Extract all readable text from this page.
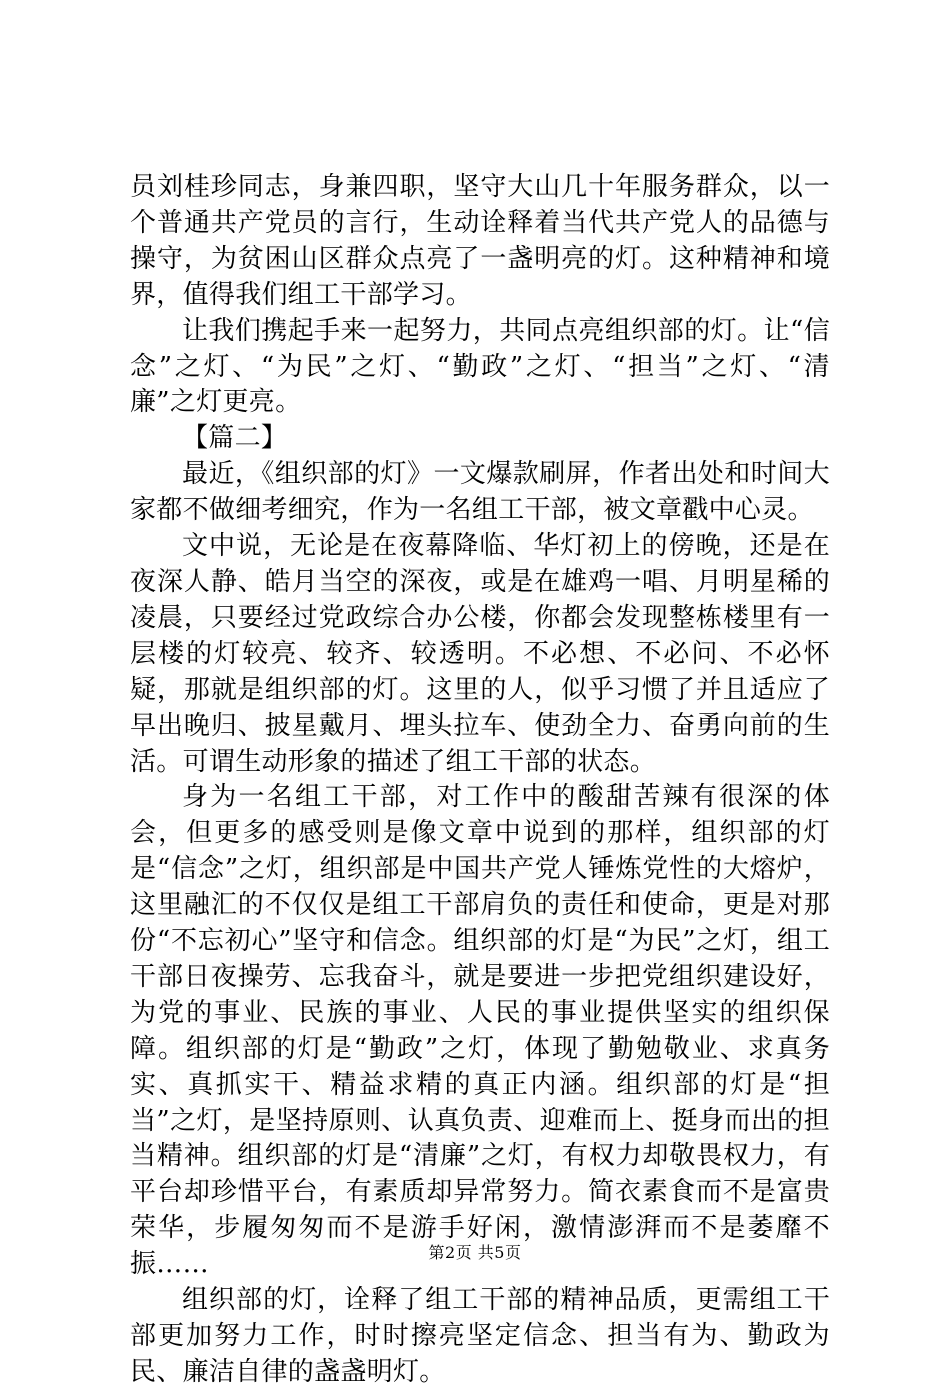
员刘桂珍同志，身兼四职，坚守大山几十年服务群众，以一个普通共产党员的言行，生动诠释着当代共产党人的品德与操守，为贫困山区群众点亮了一盏明亮的灯。这种精神和境界，值得我们组工干部学习。

让我们携起手来一起努力，共同点亮组织部的灯。让“信念”之灯、“为民”之灯、“勤政”之灯、“担当”之灯、“清廉”之灯更亮。

【篇二】

最近，《组织部的灯》一文爆款刷屏，作者出处和时间大家都不做细考细究，作为一名组工干部，被文章戳中心灵。

文中说，无论是在夜幕降临、华灯初上的傍晚，还是在夜深人静、皓月当空的深夜，或是在雄鸡一唱、月明星稀的凌晨，只要经过党政综合办公楼，你都会发现整栋楼里有一层楼的灯较亮、较齐、较透明。不必想、不必问、不必怀疑，那就是组织部的灯。这里的人，似乎习惯了并且适应了早出晚归、披星戴月、埋头拉车、使劲全力、奋勇向前的生活。可谓生动形象的描述了组工干部的状态。

身为一名组工干部，对工作中的酸甜苦辣有很深的体会，但更多的感受则是像文章中说到的那样，组织部的灯是“信念”之灯，组织部是中国共产党人锤炼党性的大熔炉，这里融汇的不仅仅是组工干部肩负的责任和使命，更是对那份“不忘初心”坚守和信念。组织部的灯是“为民”之灯，组工干部日夜操劳、忘我奋斗，就是要进一步把党组织建设好，为党的事业、民族的事业、人民的事业提供坚实的组织保障。组织部的灯是“勤政”之灯，体现了勤勉敬业、求真务实、真抓实干、精益求精的真正内涵。组织部的灯是“担当”之灯，是坚持原则、认真负责、迎难而上、挺身而出的担当精神。组织部的灯是“清廉”之灯，有权力却敬畏权力，有平台却珍惜平台，有素质却异常努力。简衣素食而不是富贵荣华，步履匆匆而不是游手好闲，激情澎湃而不是萎靡不振……

组织部的灯，诠释了组工干部的精神品质，更需组工干部更加努力工作，时时擦亮坚定信念、担当有为、勤政为民、廉洁自律的盏盏明灯。

第2页 共5页
